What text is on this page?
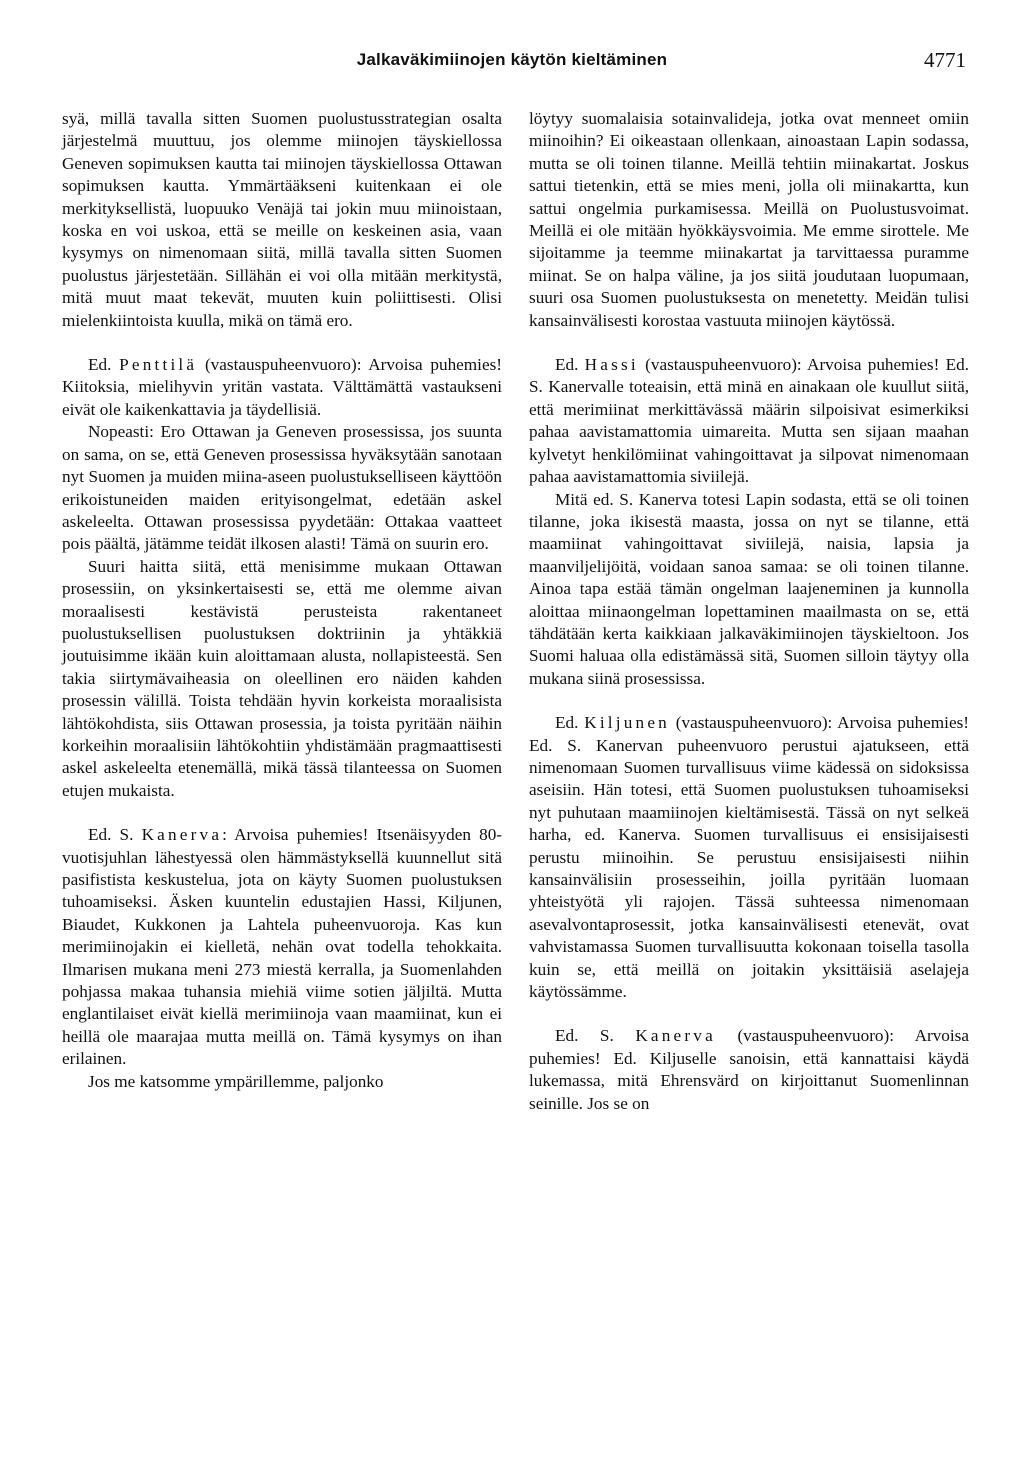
Jalkaväkimiinojen käytön kieltäminen	4771

syä, millä tavalla sitten Suomen puolustusstrategian osalta järjestelmä muuttuu, jos olemme miinojen täyskiellossa Geneven sopimuksen kautta tai miinojen täyskiellossa Ottawan sopimuksen kautta. Ymmärtääkseni kuitenkaan ei ole merkityksellistä, luopuuko Venäjä tai jokin muu miinoistaan, koska en voi uskoa, että se meille on keskeinen asia, vaan kysymys on nimenomaan siitä, millä tavalla sitten Suomen puolustus järjestetään. Sillähän ei voi olla mitään merkitystä, mitä muut maat tekevät, muuten kuin poliittisesti. Olisi mielenkiintoista kuulla, mikä on tämä ero.

Ed. Penttilä (vastauspuheenvuoro): Arvoisa puhemies! Kiitoksia, mielihyvin yritän vastata. Välttämättä vastaukseni eivät ole kaikenkattavia ja täydellisiä.

Nopeasti: Ero Ottawan ja Geneven prosessissa, jos suunta on sama, on se, että Geneven prosessissa hyväksytään sanotaan nyt Suomen ja muiden miina-aseen puolustukselliseen käyttöön erikoistuneiden maiden erityisongelmat, edetään askel askeleelta. Ottawan prosessissa pyydetään: Ottakaa vaatteet pois päältä, jätämme teidät ilkosen alasti! Tämä on suurin ero.

Suuri haitta siitä, että menisimme mukaan Ottawan prosessiin, on yksinkertaisesti se, että me olemme aivan moraalisesti kestävistä perusteista rakentaneet puolustuksellisen puolustuksen doktriinin ja yhtäkkiä joutuisimme ikään kuin aloittamaan alusta, nollapisteestä. Sen takia siirtymävaiheasia on oleellinen ero näiden kahden prosessin välillä. Toista tehdään hyvin korkeista moraalisista lähtökohdista, siis Ottawan prosessia, ja toista pyritään näihin korkeihin moraalisiin lähtökohtiin yhdistämään pragmaattisesti askel askeleelta etenemällä, mikä tässä tilanteessa on Suomen etujen mukaista.

Ed. S. Kanerva: Arvoisa puhemies! Itsenäisyyden 80-vuotisjuhlan lähestyessä olen hämmästyksellä kuunnellut sitä pasifistista keskustelua, jota on käyty Suomen puolustuksen tuhoamiseksi. Äsken kuuntelin edustajien Hassi, Kiljunen, Biaudet, Kukkonen ja Lahtela puheenvuoroja. Kas kun merimiinojakin ei kielletä, nehän ovat todella tehokkaita. Ilmarisen mukana meni 273 miestä kerralla, ja Suomenlahden pohjassa makaa tuhansia miehiä viime sotien jäljiltä. Mutta englantilaiset eivät kiellä merimiinoja vaan maamiinat, kun ei heillä ole maarajaa mutta meillä on. Tämä kysymys on ihan erilainen.

Jos me katsomme ympärillemme, paljonko

löytyy suomalaisia sotainvalideja, jotka ovat menneet omiin miinoihin? Ei oikeastaan ollenkaan, ainoastaan Lapin sodassa, mutta se oli toinen tilanne. Meillä tehtiin miinakartat. Joskus sattui tietenkin, että se mies meni, jolla oli miinakartta, kun sattui ongelmia purkamisessa. Meillä on Puolustusvoimat. Meillä ei ole mitään hyökkäysvoimia. Me emme sirottele. Me sijoitamme ja teemme miinakartat ja tarvittaessa puramme miinat. Se on halpa väline, ja jos siitä joudutaan luopumaan, suuri osa Suomen puolustuksesta on menetetty. Meidän tulisi kansainvälisesti korostaa vastuuta miinojen käytössä.

Ed. Hassi (vastauspuheenvuoro): Arvoisa puhemies! Ed. S. Kanervalle toteaisin, että minä en ainakaan ole kuullut siitä, että merimiinat merkittävässä määrin silpoisivat esimerkiksi pahaa aavistamattomia uimareita. Mutta sen sijaan maahan kylvetyt henkilömiinat vahingoittavat ja silpovat nimenomaan pahaa aavistamattomia siviilejä.

Mitä ed. S. Kanerva totesi Lapin sodasta, että se oli toinen tilanne, joka ikisestä maasta, jossa on nyt se tilanne, että maamiinat vahingoittavat siviilejä, naisia, lapsia ja maanviljelijöitä, voidaan sanoa samaa: se oli toinen tilanne. Ainoa tapa estää tämän ongelman laajeneminen ja kunnolla aloittaa miinaongelman lopettaminen maailmasta on se, että tähdätään kerta kaikkiaan jalkaväkimiinojen täyskieltoon. Jos Suomi haluaa olla edistämässä sitä, Suomen silloin täytyy olla mukana siinä prosessissa.

Ed. Kiljunen (vastauspuheenvuoro): Arvoisa puhemies! Ed. S. Kanervan puheenvuoro perustui ajatukseen, että nimenomaan Suomen turvallisuus viime kädessä on sidoksissa aseisiin. Hän totesi, että Suomen puolustuksen tuhoamiseksi nyt puhutaan maamiinojen kieltämisestä. Tässä on nyt selkeä harha, ed. Kanerva. Suomen turvallisuus ei ensisijaisesti perustu miinoihin. Se perustuu ensisijaisesti niihin kansainvälisiin prosesseihin, joilla pyritään luomaan yhteistyötä yli rajojen. Tässä suhteessa nimenomaan asevalvontaprosessit, jotka kansainvälisesti etenevät, ovat vahvistamassa Suomen turvallisuutta kokonaan toisella tasolla kuin se, että meillä on joitakin yksittäisiä aselajeja käytössämme.

Ed. S. Kanerva (vastauspuheenvuoro): Arvoisa puhemies! Ed. Kiljuselle sanoisin, että kannattaisi käydä lukemassa, mitä Ehrensvärd on kirjoittanut Suomenlinnan seinille. Jos se on
